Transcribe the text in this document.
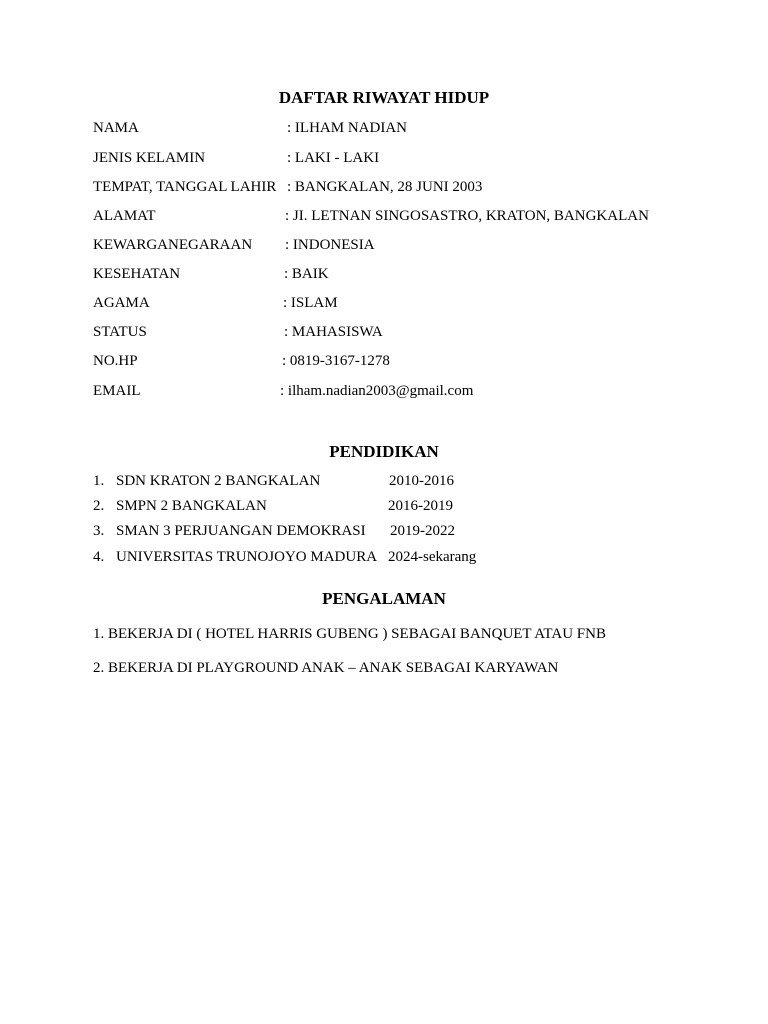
DAFTAR RIWAYAT HIDUP
NAMA	: ILHAM NADIAN
JENIS KELAMIN	: LAKI - LAKI
TEMPAT, TANGGAL LAHIR : BANGKALAN, 28 JUNI 2003
ALAMAT	: JI. LETNAN SINGOSASTRO, KRATON, BANGKALAN
KEWARGANEGARAAN : INDONESIA
KESEHATAN	: BAIK
AGAMA	: ISLAM
STATUS	: MAHASISWA
NO.HP	: 0819-3167-1278
EMAIL	: ilham.nadian2003@gmail.com
PENDIDIKAN
1. SDN KRATON 2 BANGKALAN	2010-2016
2. SMPN 2 BANGKALAN	2016-2019
3. SMAN 3 PERJUANGAN DEMOKRASI 2019-2022
4. UNIVERSITAS TRUNOJOYO MADURA 2024-sekarang
PENGALAMAN
1. BEKERJA DI ( HOTEL HARRIS GUBENG ) SEBAGAI BANQUET ATAU FNB
2. BEKERJA DI PLAYGROUND ANAK – ANAK SEBAGAI KARYAWAN
